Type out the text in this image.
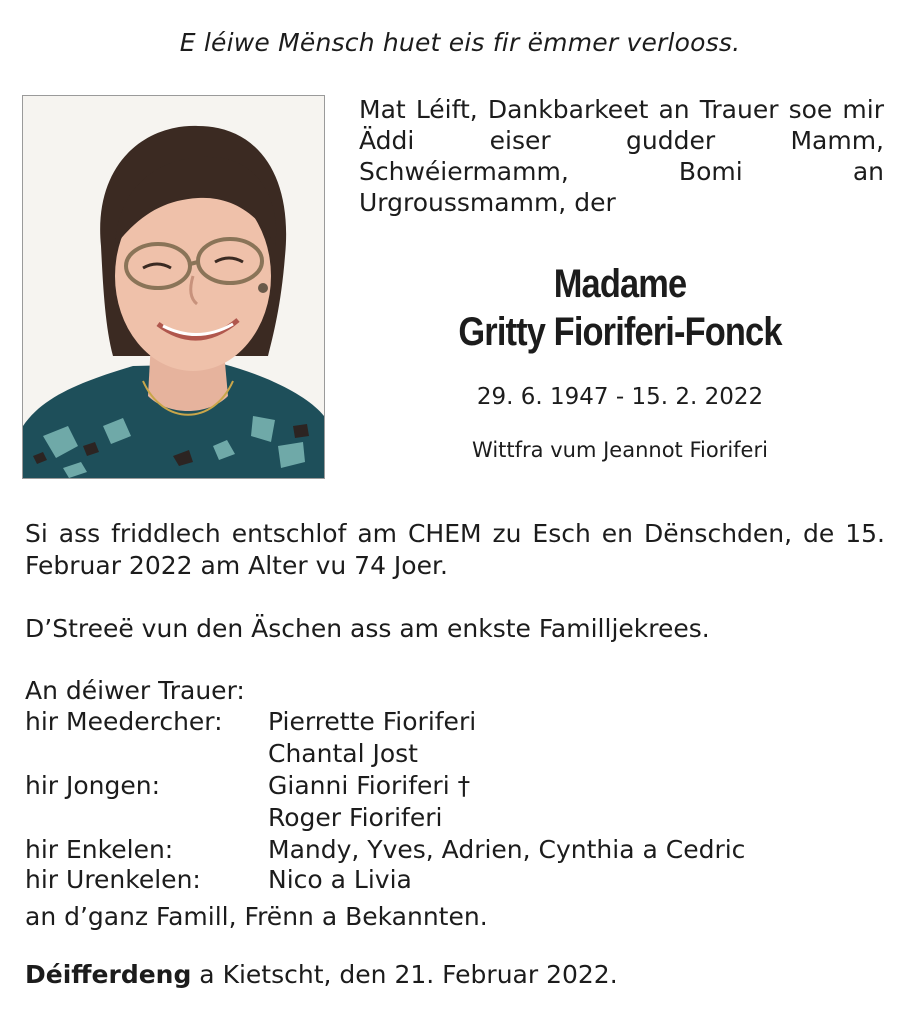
E léiwe Mënsch huet eis fir ëmmer verlooss.
Mat Léift, Dankbarkeet an Trauer soe mir Äddi eiser gudder Mamm, Schwéiermamm, Bomi an Urgroussmamm, der
Madame
Gritty Fioriferi-Fonck
29. 6. 1947 - 15. 2. 2022
Wittfra vum Jeannot Fioriferi
Si ass friddlech entschlof am CHEM zu Esch en Dënschden, de 15. Februar 2022 am Alter vu 74 Joer.
D’Streeë vun den Äschen ass am enkste Familljekrees.
An déiwer Trauer:
hir Meedercher:	Pierrette Fioriferi
Chantal Jost
hir Jongen:	Gianni Fioriferi †
Roger Fioriferi
hir Enkelen:	Mandy, Yves, Adrien, Cynthia a Cedric
hir Urenkelen:	Nico a Livia
an d’ganz Famill, Frënn a Bekannten.
Déifferdeng a Kietscht, den 21. Februar 2022.
